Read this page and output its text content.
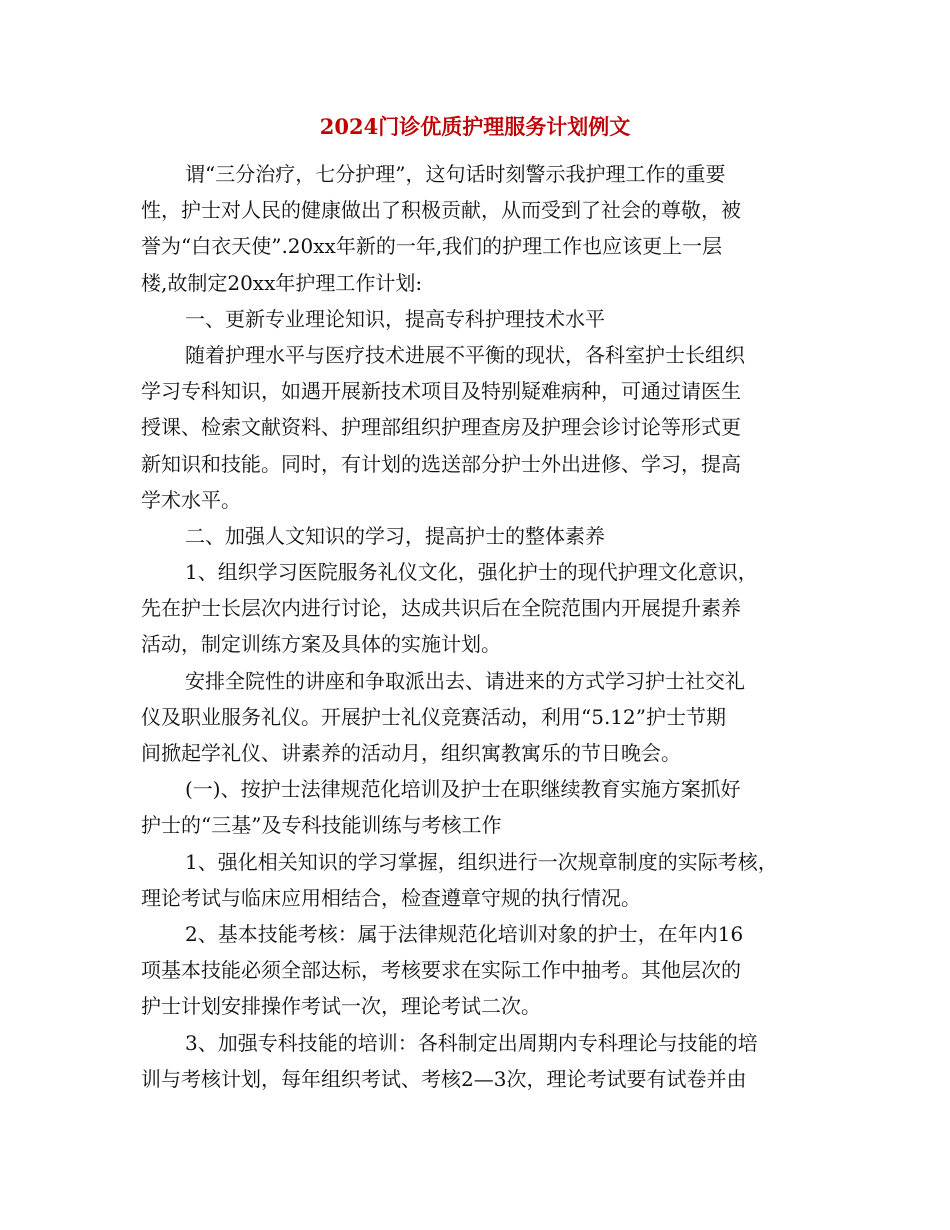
2024门诊优质护理服务计划例文

谓“三分治疗，七分护理”，这句话时刻警示我护理工作的重要
性，护士对人民的健康做出了积极贡献，从而受到了社会的尊敬，被
誉为“白衣天使”.20xx年新的一年,我们的护理工作也应该更上一层
楼,故制定20xx年护理工作计划:

一、更新专业理论知识，提高专科护理技术水平

随着护理水平与医疗技术进展不平衡的现状，各科室护士长组织
学习专科知识，如遇开展新技术项目及特别疑难病种，可通过请医生
授课、检索文献资料、护理部组织护理查房及护理会诊讨论等形式更
新知识和技能。同时，有计划的选送部分护士外出进修、学习，提高
学术水平。

二、加强人文知识的学习，提高护士的整体素养

1、组织学习医院服务礼仪文化，强化护士的现代护理文化意识，
先在护士长层次内进行讨论，达成共识后在全院范围内开展提升素养
活动，制定训练方案及具体的实施计划。

安排全院性的讲座和争取派出去、请进来的方式学习护士社交礼
仪及职业服务礼仪。开展护士礼仪竞赛活动，利用“5.12”护士节期
间掀起学礼仪、讲素养的活动月，组织寓教寓乐的节日晚会。

(一)、按护士法律规范化培训及护士在职继续教育实施方案抓好
护士的“三基”及专科技能训练与考核工作

1、强化相关知识的学习掌握，组织进行一次规章制度的实际考核，
理论考试与临床应用相结合，检查遵章守规的执行情况。

2、基本技能考核：属于法律规范化培训对象的护士，在年内16
项基本技能必须全部达标，考核要求在实际工作中抽考。其他层次的
护士计划安排操作考试一次，理论考试二次。

3、加强专科技能的培训：各科制定出周期内专科理论与技能的培
训与考核计划，每年组织考试、考核2—3次，理论考试要有试卷并由
